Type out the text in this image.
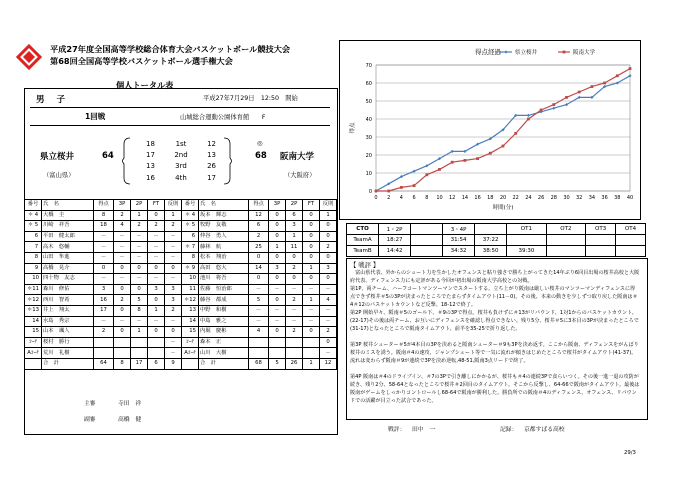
平成27年度全国高等学校総合体育大会バスケットボール競技大会
第68回全国高等学校バスケットボール選手権大会
個人トータル表
男子	平成27年7月29日　12:50　開始
1回戦	山城総合運動公園体育館　　F
県立桜井
（富山県）
64	68
◎
阪南大学
（大阪府）
18	1st	12
17	2nd	13
13	3rd	26
16	4th	17
番号	氏　名	得点	3P	2P	FT	反則
＊ 4	大橋　圭	8	2	1	0	1
＊ 5	川崎　祥吾	18	4	2	2	2
　 6	平田　健太郎	－	－	－	－	－
　 7	高木　悠輔	－	－	－	－	－
　 8	山田　隼進	－	－	－	－	－
　 9	高橋　晃介	0	0	0	0	0
　10	四十物　友志	－	－	－	－	－
＊11	森川　修佑	3	0	0	3	3
＊12	西川　智希	16	2	5	0	3
＊13	井上　翔太	17	0	8	1	2
　14	水島　秀宗	－	－	－	－	－
　15	山本　颯人	2	0	1	0	0
ｺｰﾁ	桜村　勝行					－
Aｺｰﾁ	荒川　礼樹					－
	合　計	64	8	17	6	9
番号	氏　名	得点	3P	2P	FT	反則
＊ 4	坂本　輝志	12	0	6	0	1
＊ 5	牧野　友敬	6	0	3	0	0
　 6	仲谷　勇人	2	0	1	0	0
＊ 7	藤林　航	25	1	11	0	2
　 8	松本　翔治	0	0	0	0	0
＊ 9	高田　悠大	14	3	2	1	3
　10	池川　将吾	0	0	0	0	0
　11	佐藤　恒治郎	－	－	－	－	－
＊12	藤谷　都成	5	0	2	1	4
　13	中野　和樹	－	－	－	－	－
　14	中島　雅之	－	－	－	－	－
　15	内堀　慶彬	4	0	2	0	2
ｺｰﾁ	森本　正					0
Aｺｰﾁ	山川　大樹					－
	合　計	68	5	26	1	12
主審	寺田　祥
副審	高橋　健
得点経過
0
10
20
30
40
50
60
70
0 2 4 6 8 10 12 14 16 18 20 22 24 26 28 30 32 34 36 38 40
時間(分)
得点
県立桜井	阪南大学
CTO	1・2P		3・4P		OT1	OT2	OT3	OT4
TeamA	18:27		31:54	37:22				
TeamB	14:42		34:32	38:50	39:30			
【 戦評 】
　富山県代表、外からのシュート力を生かしたオフェンスと粘り強さで勝ち上がってきた14年ぶり6回目出場の桜井高校と大阪府代表、ディフェンス力にも定評がある今回が初出場の阪南大学高校との対戦。
第1P、両チーム、ハーフコートマンツーマンでスタートする。立ち上がり阪南は厳しい桜井のマンツーマンディフェンスに得点できず桜井＃5の3Pが決まったところでたまらずタイムアウト(11－0)。その後、本来の動きを少しずつ取り戻した阪南は＃4＃12のバスケットカウントなど反撃、18-12で終了。
第2P 開始早々、阪南＃5のゴール下、＃9の3Pで得点。桜井も負けずに＃13がリバウンド、1対1からのバスケットカウント。(22-17)その後は両チーム、お互いにディフェンスを確認し得点できない。残り5分、桜井＃5に3本目の3Pが決まったところで(31-17)となったところで阪南タイムアウト、前半を35-25で折り返した。
第3P 桜井シューター＃5が4本目の3Pを決めると阪南シューター＃9も3Pを決め返す。ここから阪南、ディフェンスをがんばり桜井のミスを誘う。阪南＃4の速攻、ジャンプシュート等で一気に流れが傾きはじめたところで桜井がタイムアウト(41-37)。流れは変わらず阪南＃9が連続で3Pを決め逆転,48-51,阪南3点リードで終了。
第4P 阪南は＃4のドライブイン、＃7の3Pで引き離しにかかるが、桜井も＃4の連続3Pで食らいつく。その後一進一退の攻防が続き、残り2分、58-64となったところで桜井＃2回目のタイムアウト。そこから反撃し、64-66で阪南がタイムアウト。最後は阪南がゲームをしっかりコントロールし68-64で阪南が勝利した。勝負所での阪南＃4のディフェンス、オフェンス、リバウンドでの活躍が目立った試合であった。
戦評： 田中　一	記録： 京都すばる高校
29/3
